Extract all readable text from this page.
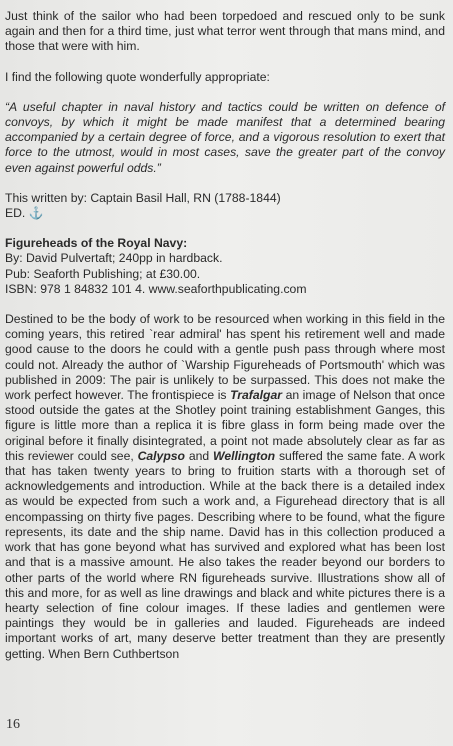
Just think of the sailor who had been torpedoed and rescued only to be sunk again and then for a third time, just what terror went through that mans mind, and those that were with him.

I find the following quote wonderfully appropriate:

“A useful chapter in naval history and tactics could be written on defence of convoys, by which it might be made manifest that a determined bearing accompanied by a certain degree of force, and a vigorous resolution to exert that force to the utmost, would in most cases, save the greater part of the convoy even against powerful odds.”

This written by: Captain Basil Hall, RN (1788-1844)

ED. ⚓

Figureheads of the Royal Navy:

By: David Pulvertaft; 240pp in hardback.
Pub: Seaforth Publishing; at £30.00.
ISBN: 978 1 84832 101 4. www.seaforthpublicating.com

Destined to be the body of work to be resourced when working in this field in the coming years, this retired `rear admiral' has spent his retirement well and made good cause to the doors he could with a gentle push pass through where most could not. Already the author of `Warship Figureheads of Portsmouth' which was published in 2009: The pair is unlikely to be surpassed. This does not make the work perfect however. The frontispiece is Trafalgar an image of Nelson that once stood outside the gates at the Shotley point training establishment Ganges, this figure is little more than a replica it is fibre glass in form being made over the original before it finally disintegrated, a point not made absolutely clear as far as this reviewer could see, Calypso and Wellington suffered the same fate. A work that has taken twenty years to bring to fruition starts with a thorough set of acknowledgements and introduction. While at the back there is a detailed index as would be expected from such a work and, a Figurehead directory that is all encompassing on thirty five pages. Describing where to be found, what the figure represents, its date and the ship name. David has in this collection produced a work that has gone beyond what has survived and explored what has been lost and that is a massive amount. He also takes the reader beyond our borders to other parts of the world where RN figureheads survive. Illustrations show all of this and more, for as well as line drawings and black and white pictures there is a hearty selection of fine colour images. If these ladies and gentlemen were paintings they would be in galleries and lauded. Figureheads are indeed important works of art, many deserve better treatment than they are presently getting. When Bern Cuthbertson

16
